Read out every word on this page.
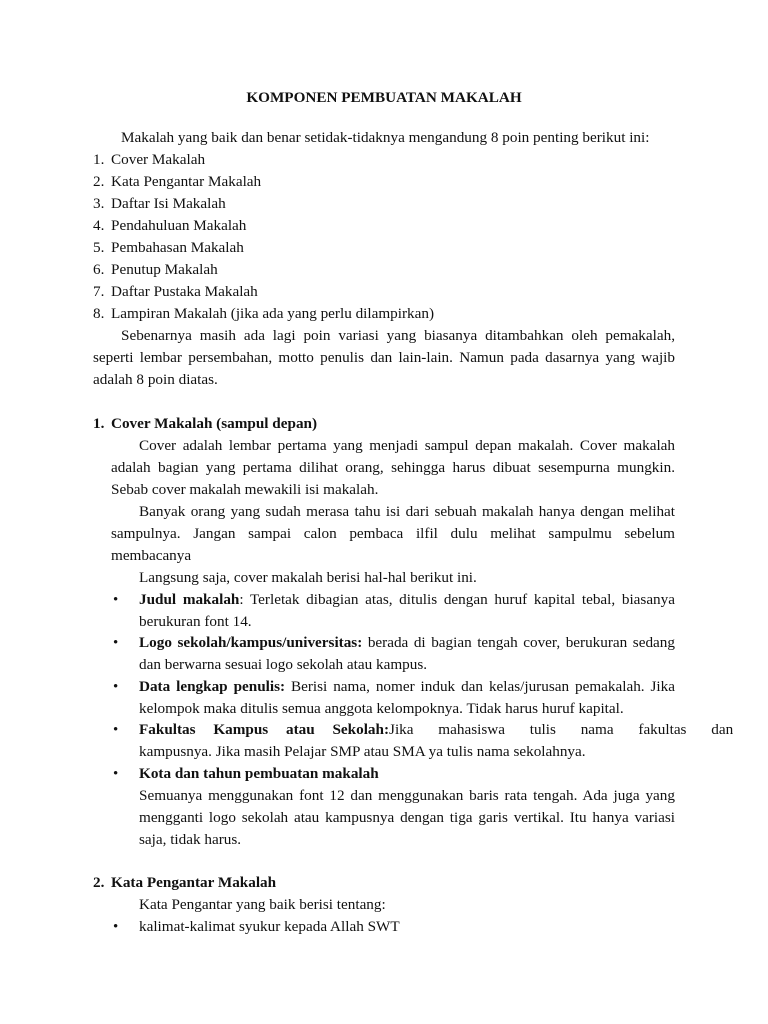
KOMPONEN PEMBUATAN MAKALAH
Makalah yang baik dan benar setidak-tidaknya mengandung 8 poin penting berikut ini:
1. Cover Makalah
2. Kata Pengantar Makalah
3. Daftar Isi Makalah
4. Pendahuluan Makalah
5. Pembahasan Makalah
6. Penutup Makalah
7. Daftar Pustaka Makalah
8. Lampiran Makalah (jika ada yang perlu dilampirkan)
Sebenarnya masih ada lagi poin variasi yang biasanya ditambahkan oleh pemakalah,
seperti lembar persembahan, motto penulis dan lain-lain. Namun pada dasarnya yang wajib
adalah 8 poin diatas.
1. Cover Makalah (sampul depan)
Cover adalah lembar pertama yang menjadi sampul depan makalah. Cover makalah
adalah bagian yang pertama dilihat orang, sehingga harus dibuat sesempurna mungkin.
Sebab cover makalah mewakili isi makalah.
Banyak orang yang sudah merasa tahu isi dari sebuah makalah hanya dengan melihat
sampulnya. Jangan sampai calon pembaca ilfil dulu melihat sampulmu sebelum
membacanya
Langsung saja, cover makalah berisi hal-hal berikut ini.
• Judul makalah: Terletak dibagian atas, ditulis dengan huruf kapital tebal, biasanya
berukuran font 14.
• Logo sekolah/kampus/universitas: berada di bagian tengah cover, berukuran sedang
dan berwarna sesuai logo sekolah atau kampus.
• Data lengkap penulis: Berisi nama, nomer induk dan kelas/jurusan pemakalah. Jika
kelompok maka ditulis semua anggota kelompoknya. Tidak harus huruf kapital.
• Fakultas Kampus atau Sekolah: Jika mahasiswa tulis nama fakultas dan
kampusnya. Jika masih Pelajar SMP atau SMA ya tulis nama sekolahnya.
• Kota dan tahun pembuatan makalah
Semuanya menggunakan font 12 dan menggunakan baris rata tengah. Ada juga yang
mengganti logo sekolah atau kampusnya dengan tiga garis vertikal. Itu hanya variasi
saja, tidak harus.
2. Kata Pengantar Makalah
Kata Pengantar yang baik berisi tentang:
• kalimat-kalimat syukur kepada Allah SWT
